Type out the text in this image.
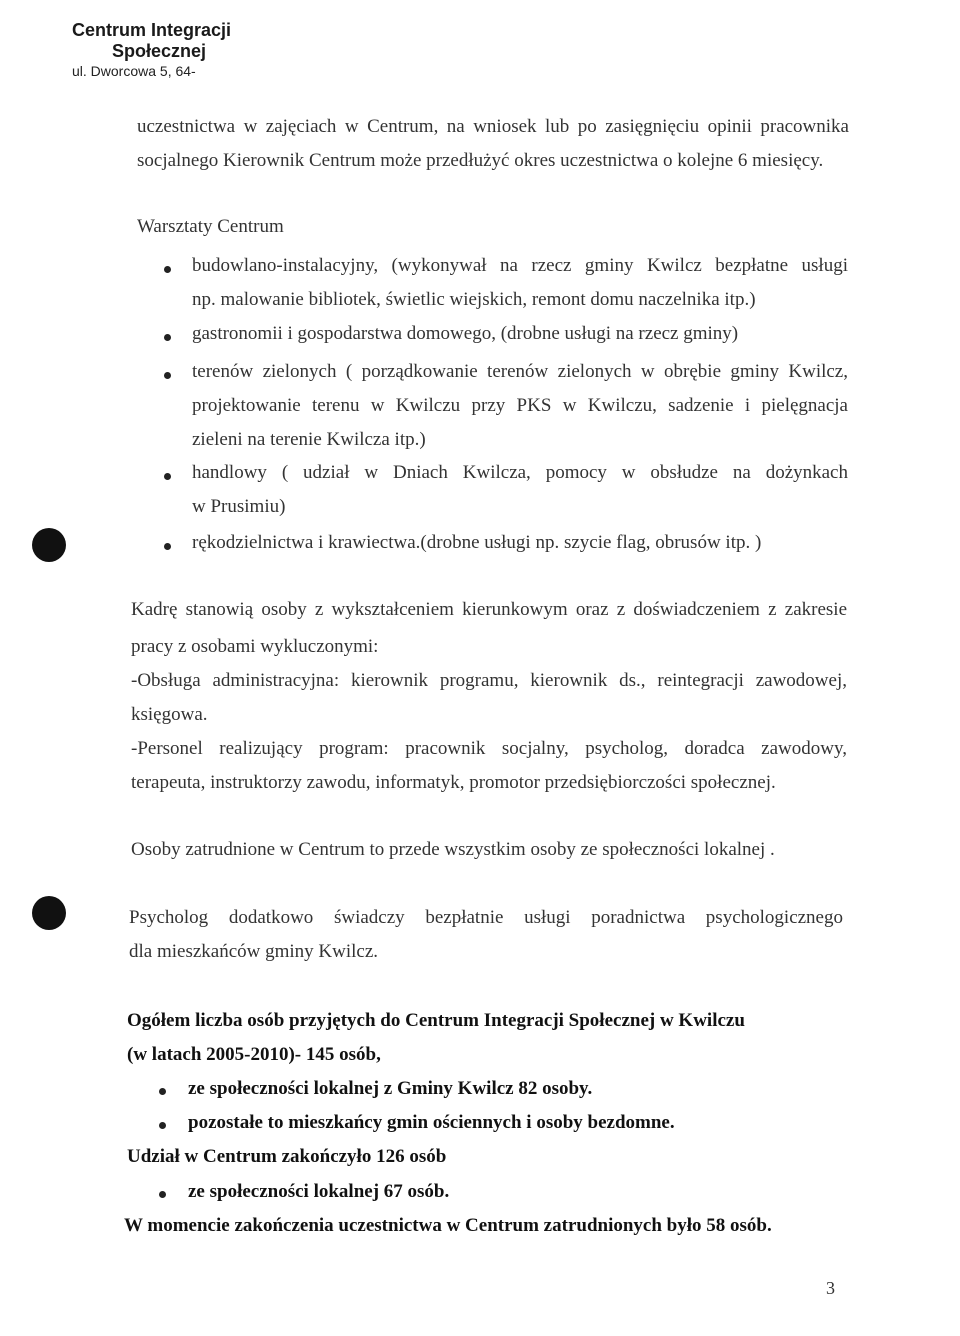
Centrum Integracji
Społecznej
ul. Dworcowa 5, 64-
uczestnictwa w zajęciach w Centrum, na wniosek lub po zasięgnięciu opinii pracownika
socjalnego Kierownik Centrum może przedłużyć okres uczestnictwa o kolejne 6 miesięcy.
Warsztaty Centrum
budowlano-instalacyjny, (wykonywał na rzecz gminy Kwilcz bezpłatne usługi
np. malowanie bibliotek, świetlic wiejskich, remont domu naczelnika itp.)
gastronomii i gospodarstwa domowego, (drobne usługi na rzecz gminy)
terenów zielonych ( porządkowanie terenów zielonych w obrębie gminy Kwilcz,
projektowanie terenu w Kwilczu przy PKS w Kwilczu, sadzenie i pielęgnacja
zieleni na terenie Kwilcza itp.)
handlowy ( udział w Dniach Kwilcza, pomocy w obsłudze na dożynkach
w Prusimiu)
rękodzielnictwa i krawiectwa.(drobne usługi np. szycie flag, obrusów itp. )
Kadrę stanowią osoby z wykształceniem kierunkowym oraz z doświadczeniem z zakresie
pracy z osobami wykluczonymi:
-Obsługa administracyjna: kierownik programu, kierownik ds., reintegracji zawodowej,
księgowa.
-Personel realizujący program: pracownik socjalny, psycholog, doradca zawodowy,
terapeuta, instruktorzy zawodu, informatyk, promotor przedsiębiorczości społecznej.
Osoby zatrudnione w Centrum to przede wszystkim osoby ze społeczności lokalnej .
Psycholog dodatkowo świadczy bezpłatnie usługi poradnictwa psychologicznego
dla mieszkańców gminy Kwilcz.
Ogółem liczba osób przyjętych do Centrum Integracji Społecznej w Kwilczu
(w latach 2005-2010)- 145 osób,
ze społeczności lokalnej z Gminy Kwilcz 82 osoby.
pozostałe to mieszkańcy gmin ościennych i osoby bezdomne.
Udział w Centrum zakończyło 126 osób
ze społeczności lokalnej 67 osób.
W momencie zakończenia uczestnictwa w Centrum zatrudnionych było 58 osób.
3
